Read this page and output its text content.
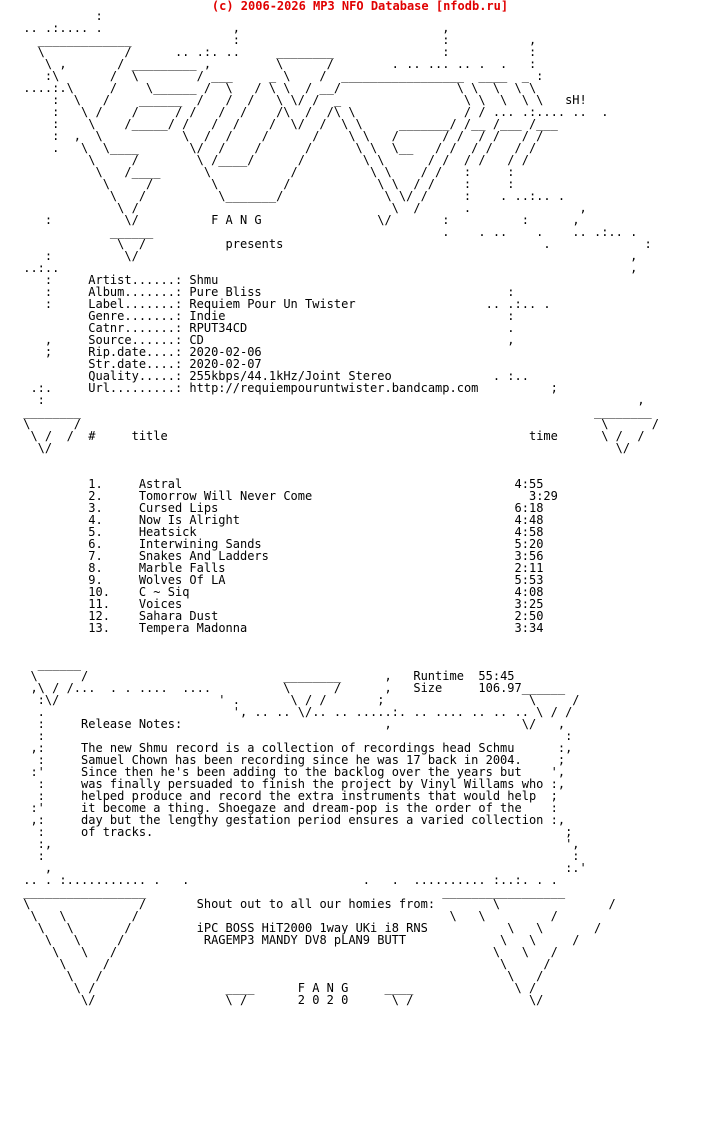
(c) 2006-2026 MP3 NFO Database [nfodb.ru]
:
.. .:.... .                  ,                            ,
_____________              :                            :           ,
\           /      .. .:. ..     ________               :           :
\ ,       / _________ ,         \      /        . .. ... .. .  .   :
:\       /  \        / ___     _ \    /  _________________  ____  _ :
....:.\     /    \______ /  \   / \ \  / __/                \ \  \  \ \
:  \   /    ______  /   /  /   \ \/ /  _                 \ \  \  \ \   sH!
:   \ /    /     / /   /  /    /\  /  /\ \               / / ... .:.... ..  .
:    \    /_____/ /   /  /    /  \/  /  \ \     _______/ /__ /___ /___
:  ,  \           \  /  /    /      /    \ \   /      / /  / /   / /
.   \  \____       \/  /    /      /      \ \  \__   / /  / /   / /
\     /        \ /____/      /        \ \      / /  / /   / /
\   /____      \           /          \ \    / /   :     :
\     /        \         /            \ \  / /    :     :
\   /          \_______/              \ \/ /     :    . ..:.. .
\ /                                   \  /      .               ,
:          \/	F A N G	\/       :          :      ,
______                                        .    . ..    .    .. .:.. .
\  /	presents	.             :
:          \/                                                                    ,
..:..                                                                               ,
:	Artist......: Shmu
:	Album.......: Pure Bliss	:
:	Label.......: Requiem Pour Un Twister	.. .:.. .
Genre.......: Indie	:
Catnr.......: RPUT34CD	.
,	Source......: CD	,
;	Rip.date....: 2020-02-06
Str.date....: 2020-02-07
Quality.....: 255kbps/44.1kHz/Joint Stereo	. :..
.:.	Url.........: http://requiempouruntwister.bandcamp.com	;
:                                                                                  ,
________                                                                       ________
\      /                                                                        \      /
\ /  /  #	title	time	\ /  /
\/                                                                              \/

1.	Astral	4:55
2.	Tomorrow Will Never Come	3:29
3.	Cursed Lips	6:18
4.	Now Is Alright	4:48
5.	Heatsick	4:58
6.	Interwining Sands	5:20
7.	Snakes And Ladders	3:56
8.	Marble Falls	2:11
9.	Wolves Of LA	5:53
10. C ~ Siq	4:08
11. Voices	3:25
12. Sahara Dust	2:50
13. Tempera Madonna	3:34

______
\      /                           ________      ,   Runtime 55:45
,\ / /...  . . ....  ....          \      /      ,   Size	106.97______
:\/                      ' .       \ / /       ;                    \     /
.                          ', .. .. \/.. .. .....:. .. .... .. .. .. \ / /
:	Release Notes:	,                  \/   ,
:                                                                        :
,:	The new Shmu record is a collection of recordings head Schmu	:,
:	Samuel Chown has been recording since he was 17 back in 2004.	;
:'	Since then he's been adding to the backlog over the years but    ',
:	was finally persuaded to finish the project by Vinyl Willams who :,
:	helped produce and record the extra instruments that would help  ;
:'	it become a thing. Shoegaze and dream-pop is the order of the    :
,:	day but the lengthy gestation period ensures a varied collection :,
:	of tracks.	;
:,                                                                       ',
:                                                                         :
,                                                                       :.'
.. . :........... .   .                        .   .  .......... :..:. . .
_________________                                         _________________
\               /	Shout out to all our homies from:	\               /
\   \         /                                           \   \         /
\   \       /	iPC BOSS HiT2000 1way UKi i8 RNS	\   \       /
\   \     /	RAGEMP3 MANDY DV8 pLAN9 BUTT	\   \     /
\   \   /                                                    \   \   /
\     /                                                      \     /
\   /                                                        \   /
\ /                  ____	F A N G	____              \ /
\/                  \ /	2 0 2 0	\ /                \/
